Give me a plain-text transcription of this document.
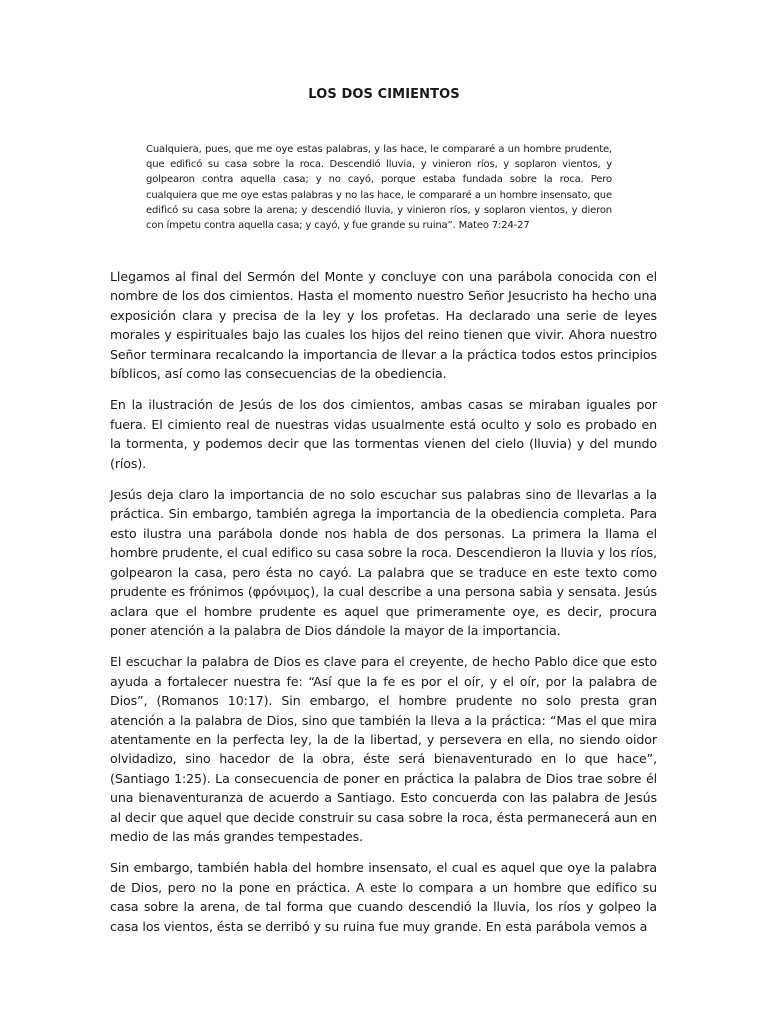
LOS DOS CIMIENTOS
Cualquiera, pues, que me oye estas palabras, y las hace, le compararé a un hombre prudente, que edificó su casa sobre la roca. Descendió lluvia, y vinieron ríos, y soplaron vientos, y golpearon contra aquella casa; y no cayó, porque estaba fundada sobre la roca. Pero cualquiera que me oye estas palabras y no las hace, le compararé a un hombre insensato, que edificó su casa sobre la arena; y descendió lluvia, y vinieron ríos, y soplaron vientos, y dieron con ímpetu contra aquella casa; y cayó, y fue grande su ruina”. Mateo 7:24-27

Llegamos al final del Sermón del Monte y concluye con una parábola conocida con el nombre de los dos cimientos. Hasta el momento nuestro Señor Jesucristo ha hecho una exposición clara y precisa de la ley y los profetas. Ha declarado una serie de leyes morales y espirituales bajo las cuales los hijos del reino tienen que vivir. Ahora nuestro Señor terminara recalcando la importancia de llevar a la práctica todos estos principios bíblicos, así como las consecuencias de la obediencia.

En la ilustración de Jesús de los dos cimientos, ambas casas se miraban iguales por fuera. El cimiento real de nuestras vidas usualmente está oculto y solo es probado en la tormenta, y podemos decir que las tormentas vienen del cielo (lluvia) y del mundo (ríos).

Jesús deja claro la importancia de no solo escuchar sus palabras sino de llevarlas a la práctica. Sin embargo, también agrega la importancia de la obediencia completa. Para esto ilustra una parábola donde nos habla de dos personas. La primera la llama el hombre prudente, el cual edifico su casa sobre la roca. Descendieron la lluvia y los ríos, golpearon la casa, pero ésta no cayó. La palabra que se traduce en este texto como prudente es frónimos (φρόνιμος), la cual describe a una persona sabia y sensata. Jesús aclara que el hombre prudente es aquel que primeramente oye, es decir, procura poner atención a la palabra de Dios dándole la mayor de la importancia.

El escuchar la palabra de Dios es clave para el creyente, de hecho Pablo dice que esto ayuda a fortalecer nuestra fe: “Así que la fe es por el oír, y el oír, por la palabra de Dios”, (Romanos 10:17). Sin embargo, el hombre prudente no solo presta gran atención a la palabra de Dios, sino que también la lleva a la práctica: “Mas el que mira atentamente en la perfecta ley, la de la libertad, y persevera en ella, no siendo oidor olvidadizo, sino hacedor de la obra, éste será bienaventurado en lo que hace”, (Santiago 1:25). La consecuencia de poner en práctica la palabra de Dios trae sobre él una bienaventuranza de acuerdo a Santiago. Esto concuerda con las palabra de Jesús al decir que aquel que decide construir su casa sobre la roca, ésta permanecerá aun en medio de las más grandes tempestades.

Sin embargo, también habla del hombre insensato, el cual es aquel que oye la palabra de Dios, pero no la pone en práctica. A este lo compara a un hombre que edifico su casa sobre la arena, de tal forma que cuando descendió la lluvia, los ríos y golpeo la casa los vientos, ésta se derribó y su ruina fue muy grande. En esta parábola vemos a
